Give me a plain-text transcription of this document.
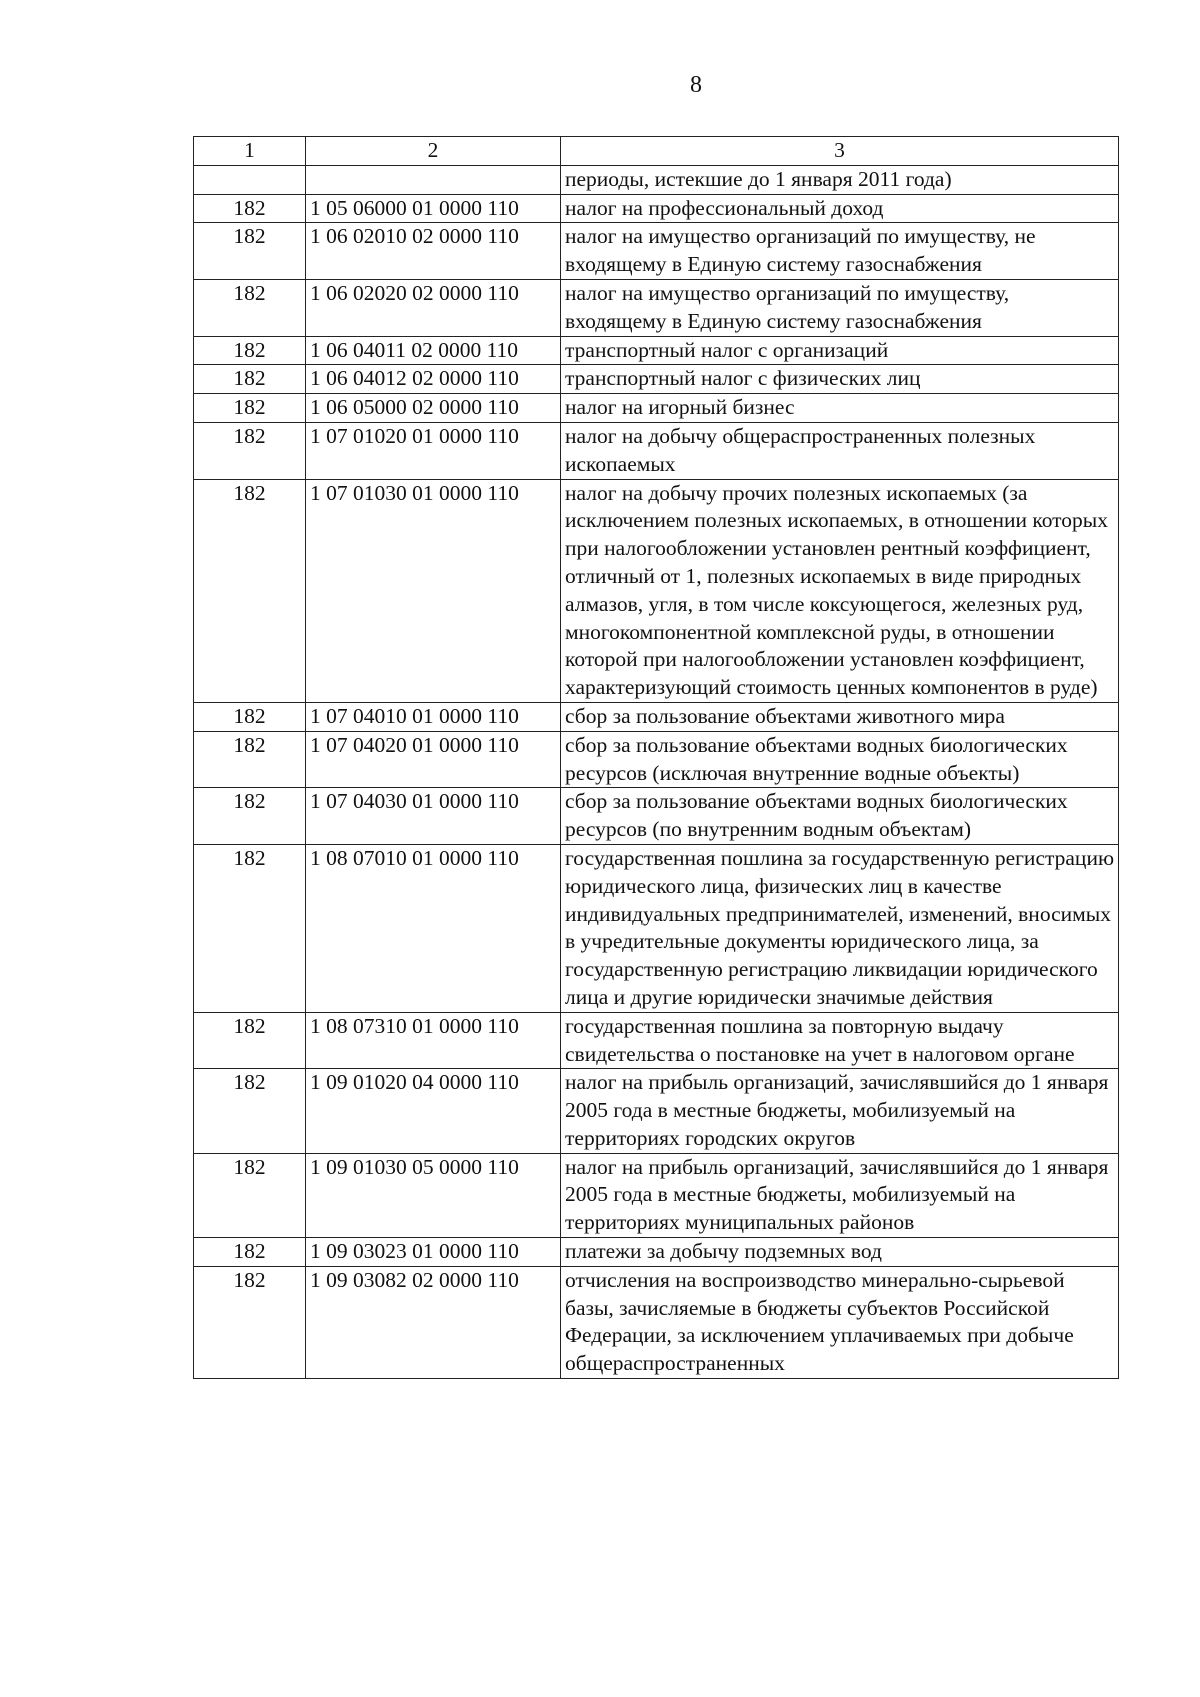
8
1	2	3
		периоды, истекшие до 1 января 2011 года)
182	1 05 06000 01 0000 110	налог на профессиональный доход
182	1 06 02010 02 0000 110	налог на имущество организаций по имуществу, не входящему в Единую систему газоснабжения
182	1 06 02020 02 0000 110	налог на имущество организаций по имуществу, входящему в Единую систему газоснабжения
182	1 06 04011 02 0000 110	транспортный налог с организаций
182	1 06 04012 02 0000 110	транспортный налог с физических лиц
182	1 06 05000 02 0000 110	налог на игорный бизнес
182	1 07 01020 01 0000 110	налог на добычу общераспространенных полезных ископаемых
182	1 07 01030 01 0000 110	налог на добычу прочих полезных ископаемых (за исключением полезных ископаемых, в отношении которых при налогообложении установлен рентный коэффициент, отличный от 1, полезных ископаемых в виде природных алмазов, угля, в том числе коксующегося, железных руд, многокомпонентной комплексной руды, в отношении которой при налогообложении установлен коэффициент, характеризующий стоимость ценных компонентов в руде)
182	1 07 04010 01 0000 110	сбор за пользование объектами животного мира
182	1 07 04020 01 0000 110	сбор за пользование объектами водных биологических ресурсов (исключая внутренние водные объекты)
182	1 07 04030 01 0000 110	сбор за пользование объектами водных биологических ресурсов (по внутренним водным объектам)
182	1 08 07010 01 0000 110	государственная пошлина за государственную регистрацию юридического лица, физических лиц в качестве индивидуальных предпринимателей, изменений, вносимых в учредительные документы юридического лица, за государственную регистрацию ликвидации юридического лица и другие юридически значимые действия
182	1 08 07310 01 0000 110	государственная пошлина за повторную выдачу свидетельства о постановке на учет в налоговом органе
182	1 09 01020 04 0000 110	налог на прибыль организаций, зачислявшийся до 1 января 2005 года в местные бюджеты, мобилизуемый на территориях городских округов
182	1 09 01030 05 0000 110	налог на прибыль организаций, зачислявшийся до 1 января 2005 года в местные бюджеты, мобилизуемый на территориях муниципальных районов
182	1 09 03023 01 0000 110	платежи за добычу подземных вод
182	1 09 03082 02 0000 110	отчисления на воспроизводство минерально-сырьевой базы, зачисляемые в бюджеты субъектов Российской Федерации, за исключением уплачиваемых при добыче общераспространенных
